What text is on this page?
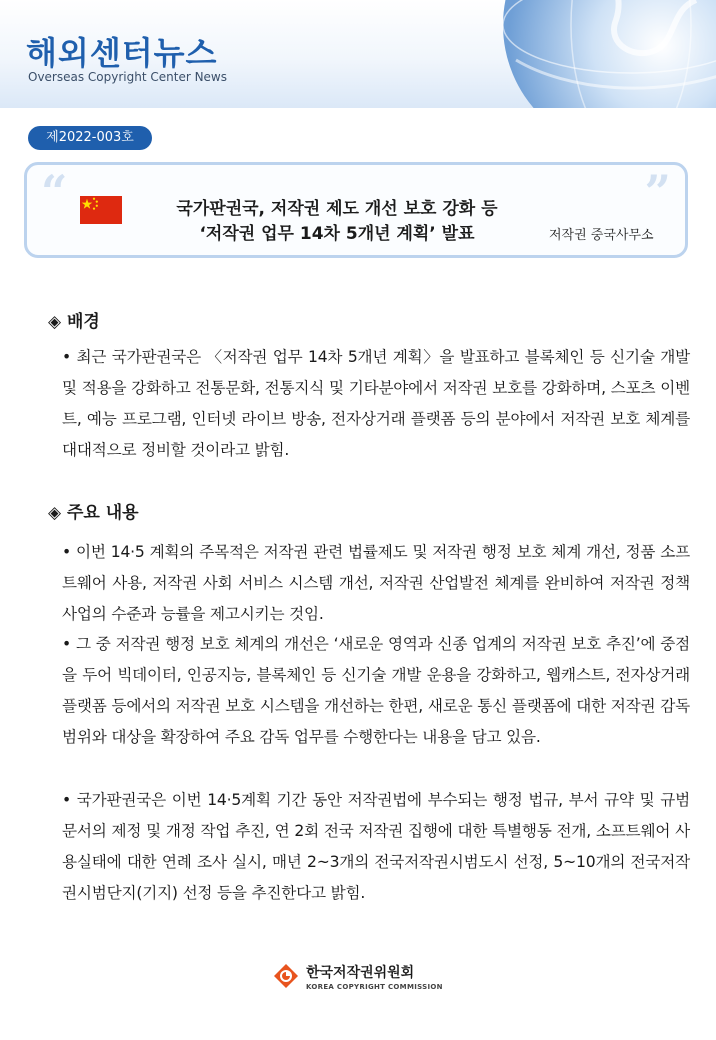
해외센터뉴스
Overseas Copyright Center News
제2022-003호
“	”
국가판권국, 저작권 제도 개선 보호 강화 등
‘저작권 업무 14차 5개년 계획’ 발표	저작권 중국사무소
◈ 배경

• 최근 국가판권국은 〈저작권 업무 14차 5개년 계획〉을 발표하고 블록체인 등 신기술 개발 및 적용을 강화하고 전통문화, 전통지식 및 기타분야에서 저작권 보호를 강화하며, 스포츠 이벤트, 예능 프로그램, 인터넷 라이브 방송, 전자상거래 플랫폼 등의 분야에서 저작권 보호 체계를 대대적으로 정비할 것이라고 밝힘.

◈ 주요 내용

• 이번 14·5 계획의 주목적은 저작권 관련 법률제도 및 저작권 행정 보호 체계 개선, 정품 소프트웨어 사용, 저작권 사회 서비스 시스템 개선, 저작권 산업발전 체계를 완비하여 저작권 정책 사업의 수준과 능률을 제고시키는 것임.

• 그 중 저작권 행정 보호 체계의 개선은 ‘새로운 영역과 신종 업계의 저작권 보호 추진’에 중점을 두어 빅데이터, 인공지능, 블록체인 등 신기술 개발 운용을 강화하고, 웹캐스트, 전자상거래 플랫폼 등에서의 저작권 보호 시스템을 개선하는 한편, 새로운 통신 플랫폼에 대한 저작권 감독 범위와 대상을 확장하여 주요 감독 업무를 수행한다는 내용을 담고 있음.

• 국가판권국은 이번 14·5계획 기간 동안 저작권법에 부수되는 행정 법규, 부서 규약 및 규범 문서의 제정 및 개정 작업 추진, 연 2회 전국 저작권 집행에 대한 특별행동 전개, 소프트웨어 사용실태에 대한 연례 조사 실시, 매년 2~3개의 전국저작권시범도시 선정, 5~10개의 전국저작권시범단지(기지) 선정 등을 추진한다고 밝힘.

한국저작권위원회
KOREA COPYRIGHT COMMISSION
